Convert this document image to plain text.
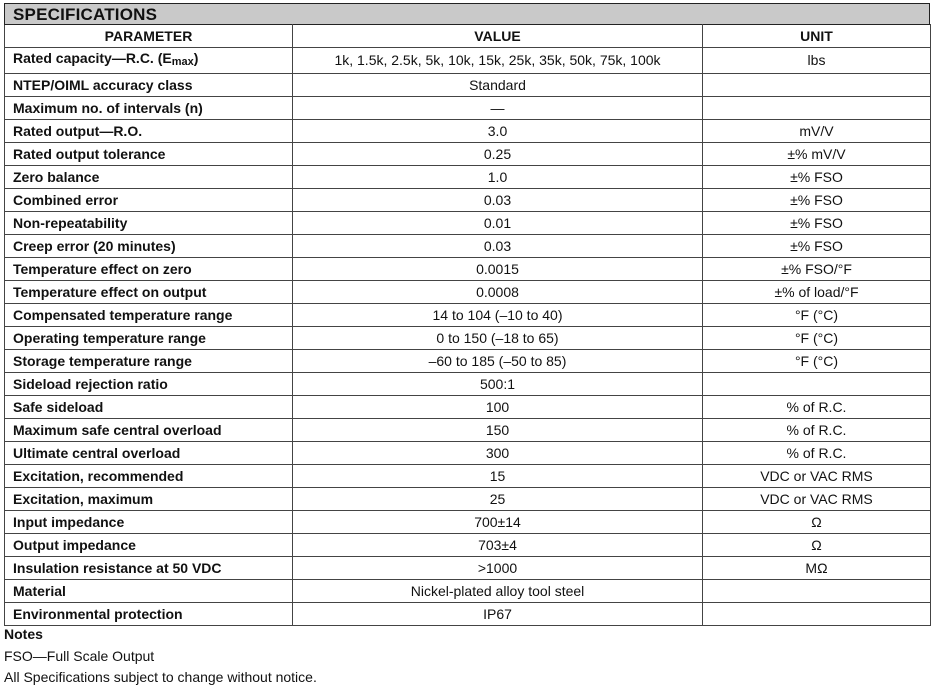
SPECIFICATIONS
PARAMETER	VALUE	UNIT
Rated capacity—R.C. $(E_{max})$	1k, 1.5k, 2.5k, 5k, 10k, 15k, 25k, 35k, 50k, 75k, 100k	lbs
NTEP/OIML accuracy class	Standard	
Maximum no. of intervals (n)	—	
Rated output—R.O.	3.0	mV/V
Rated output tolerance	0.25	±% mV/V
Zero balance	1.0	±% FSO
Combined error	0.03	±% FSO
Non-repeatability	0.01	±% FSO
Creep error (20 minutes)	0.03	±% FSO
Temperature effect on zero	0.0015	±% FSO/°F
Temperature effect on output	0.0008	±% of load/°F
Compensated temperature range	14 to 104 (–10 to 40)	°F (°C)
Operating temperature range	0 to 150 (–18 to 65)	°F (°C)
Storage temperature range	–60 to 185 (–50 to 85)	°F (°C)
Sideload rejection ratio	500:1	
Safe sideload	100	% of R.C.
Maximum safe central overload	150	% of R.C.
Ultimate central overload	300	% of R.C.
Excitation, recommended	15	VDC or VAC RMS
Excitation, maximum	25	VDC or VAC RMS
Input impedance	700±14	Ω
Output impedance	703±4	Ω
Insulation resistance at 50 VDC	>1000	MΩ
Material	Nickel-plated alloy tool steel	
Environmental protection	IP67	
Notes
FSO—Full Scale Output
All Specifications subject to change without notice.
